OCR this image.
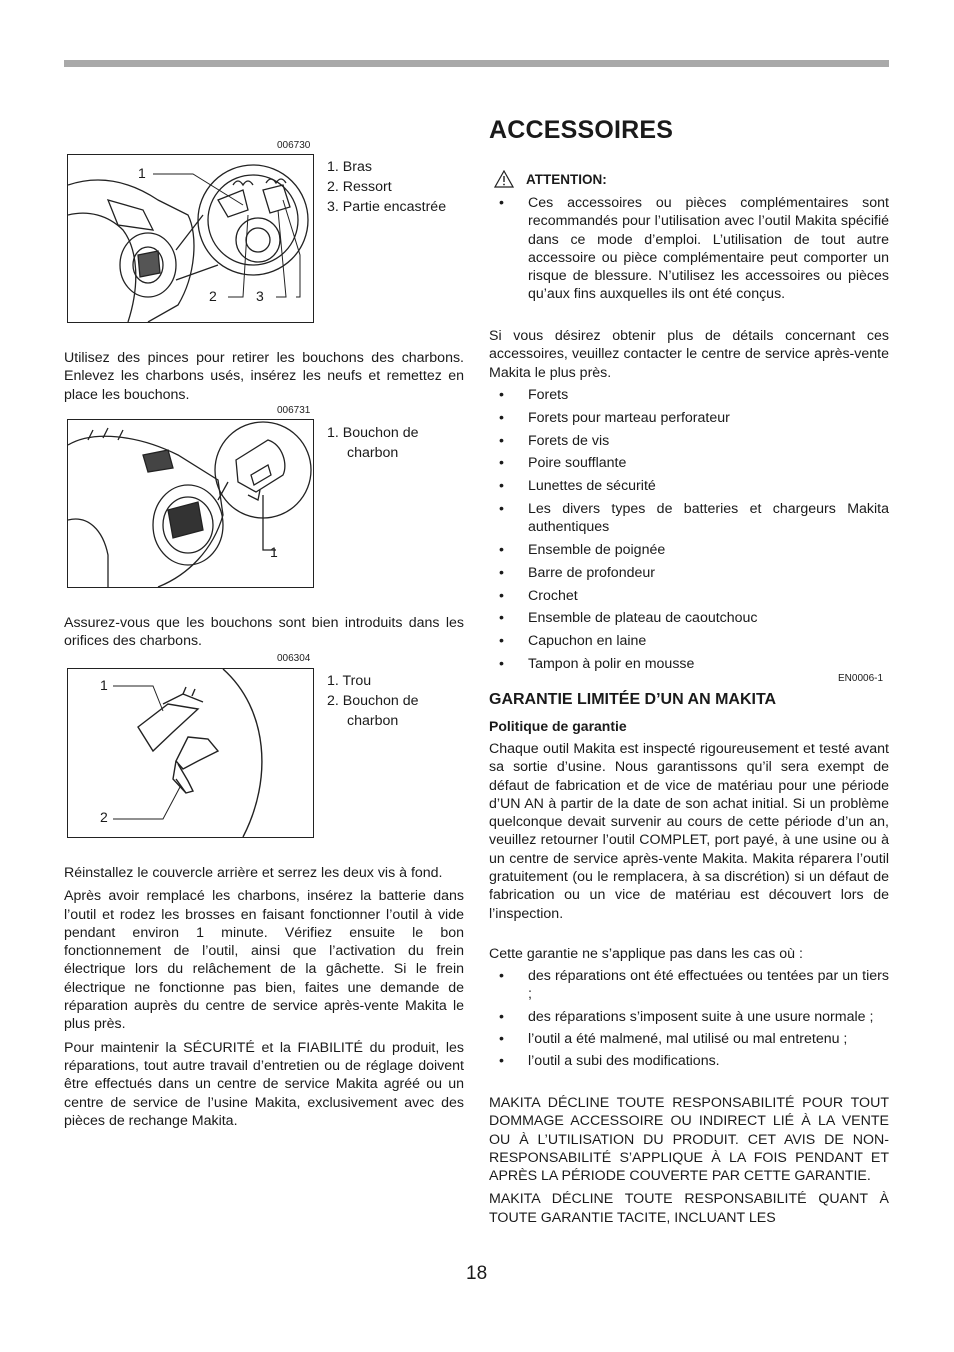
006730
1
2	3
1. Bras
2. Ressort
3. Partie encastrée

Utilisez des pinces pour retirer les bouchons des charbons. Enlevez les charbons usés, insérez les neufs et remettez en place les bouchons.

006731
1
1. Bouchon de
charbon

Assurez-vous que les bouchons sont bien introduits dans les orifices des charbons.

006304
1
2
1. Trou
2. Bouchon de
charbon

Réinstallez le couvercle arrière et serrez les deux vis à fond.

Après avoir remplacé les charbons, insérez la batterie dans l’outil et rodez les brosses en faisant fonctionner l’outil à vide pendant environ 1 minute. Vérifiez ensuite le bon fonctionnement de l’outil, ainsi que l’activation du frein électrique lors du relâchement de la gâchette. Si le frein électrique ne fonctionne pas bien, faites une demande de réparation auprès du centre de service après-vente Makita le plus près.

Pour maintenir la SÉCURITÉ et la FIABILITÉ du produit, les réparations, tout autre travail d’entretien ou de réglage doivent être effectués dans un centre de service Makita agréé ou un centre de service de l’usine Makita, exclusivement avec des pièces de rechange Makita.

ACCESSOIRES
ATTENTION:
• Ces accessoires ou pièces complémentaires sont recommandés pour l’utilisation avec l’outil Makita spécifié dans ce mode d’emploi. L’utilisation de tout autre accessoire ou pièce complémentaire peut comporter un risque de blessure. N’utilisez les accessoires ou pièces qu’aux fins auxquelles ils ont été conçus.

Si vous désirez obtenir plus de détails concernant ces accessoires, veuillez contacter le centre de service après-vente Makita le plus près.

• Forets
• Forets pour marteau perforateur
• Forets de vis
• Poire soufflante
• Lunettes de sécurité
• Les divers types de batteries et chargeurs Makita authentiques
• Ensemble de poignée
• Barre de profondeur
• Crochet
• Ensemble de plateau de caoutchouc
• Capuchon en laine
• Tampon à polir en mousse
EN0006-1
GARANTIE LIMITÉE D’UN AN MAKITA
Politique de garantie

Chaque outil Makita est inspecté rigoureusement et testé avant sa sortie d’usine. Nous garantissons qu’il sera exempt de défaut de fabrication et de vice de matériau pour une période d’UN AN à partir de la date de son achat initial. Si un problème quelconque devait survenir au cours de cette période d’un an, veuillez retourner l’outil COMPLET, port payé, à une usine ou à un centre de service après-vente Makita. Makita réparera l’outil gratuitement (ou le remplacera, à sa discrétion) si un défaut de fabrication ou un vice de matériau est découvert lors de l’inspection.

Cette garantie ne s’applique pas dans les cas où :

• des réparations ont été effectuées ou tentées par un tiers ;
• des réparations s’imposent suite à une usure normale ;
• l’outil a été malmené, mal utilisé ou mal entretenu ;
• l’outil a subi des modifications.

MAKITA DÉCLINE TOUTE RESPONSABILITÉ POUR TOUT DOMMAGE ACCESSOIRE OU INDIRECT LIÉ À LA VENTE OU À L’UTILISATION DU PRODUIT. CET AVIS DE NON-RESPONSABILITÉ S’APPLIQUE À LA FOIS PENDANT ET APRÈS LA PÉRIODE COUVERTE PAR CETTE GARANTIE.

MAKITA DÉCLINE TOUTE RESPONSABILITÉ QUANT À TOUTE GARANTIE TACITE, INCLUANT LES

18
